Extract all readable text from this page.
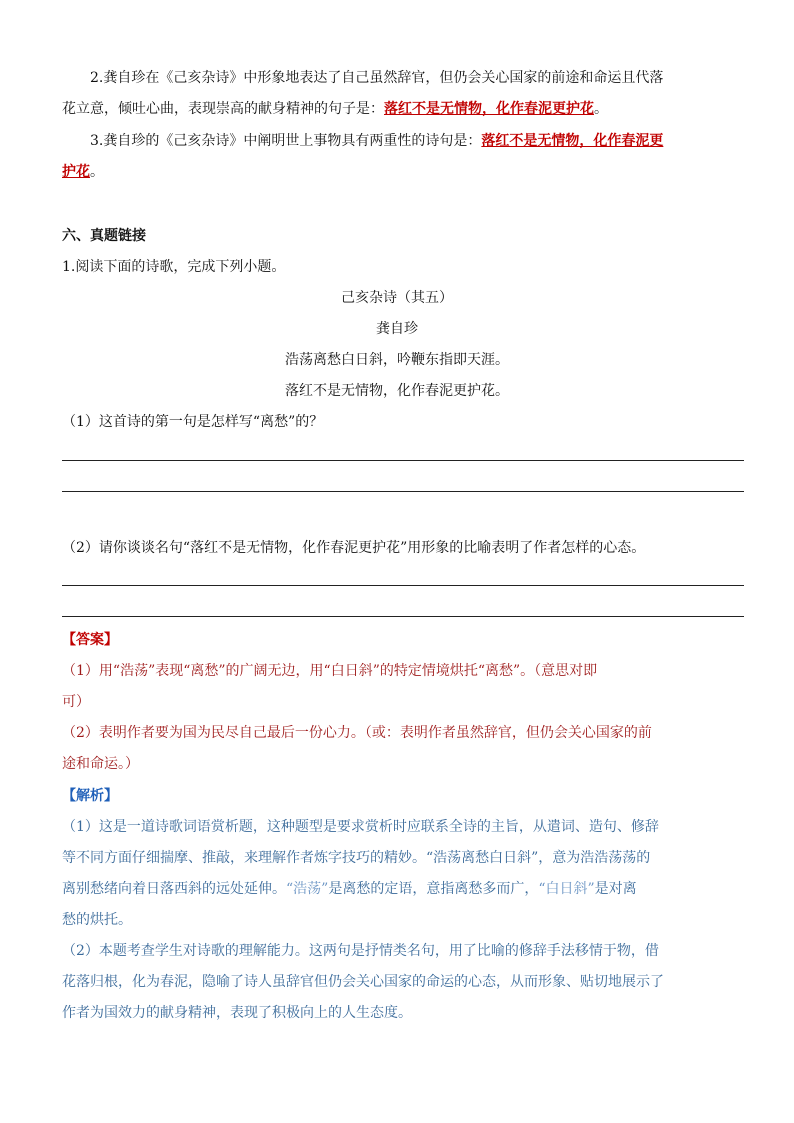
2.龚自珍在《己亥杂诗》中形象地表达了自己虽然辞官，但仍会关心国家的前途和命运且代落
花立意，倾吐心曲，表现崇高的献身精神的句子是：落红不是无情物，化作春泥更护花。
3.龚自珍的《己亥杂诗》中阐明世上事物具有两重性的诗句是：落红不是无情物，化作春泥更
护花。
六、真题链接
1.阅读下面的诗歌，完成下列小题。
己亥杂诗（其五）
龚自珍
浩荡离愁白日斜，吟鞭东指即天涯。
落红不是无情物，化作春泥更护花。
（1）这首诗的第一句是怎样写“离愁”的？
（2）请你谈谈名句“落红不是无情物，化作春泥更护花”用形象的比喻表明了作者怎样的心态。
【答案】
（1）用“浩荡”表现“离愁”的广阔无边，用“白日斜”的特定情境烘托“离愁”。（意思对即
可）
（2）表明作者要为国为民尽自己最后一份心力。（或：表明作者虽然辞官，但仍会关心国家的前
途和命运。）
【解析】
（1）这是一道诗歌词语赏析题，这种题型是要求赏析时应联系全诗的主旨，从遣词、造句、修辞
等不同方面仔细揣摩、推敲，来理解作者炼字技巧的精妙。“浩荡离愁白日斜”，意为浩浩荡荡的
离别愁绪向着日落西斜的远处延伸。“浩荡”是离愁的定语，意指离愁多而广，“白日斜”是对离
愁的烘托。
（2）本题考查学生对诗歌的理解能力。这两句是抒情类名句，用了比喻的修辞手法移情于物，借
花落归根，化为春泥，隐喻了诗人虽辞官但仍会关心国家的命运的心态，从而形象、贴切地展示了
作者为国效力的献身精神，表现了积极向上的人生态度。
